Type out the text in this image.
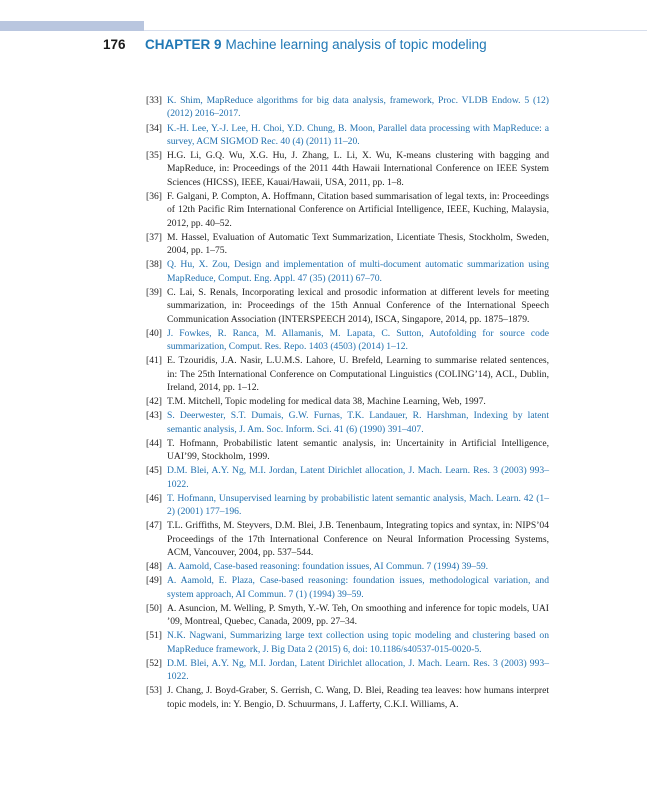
176 CHAPTER 9 Machine learning analysis of topic modeling
[33] K. Shim, MapReduce algorithms for big data analysis, framework, Proc. VLDB Endow. 5 (12) (2012) 2016–2017.
[34] K.-H. Lee, Y.-J. Lee, H. Choi, Y.D. Chung, B. Moon, Parallel data processing with MapReduce: a survey, ACM SIGMOD Rec. 40 (4) (2011) 11–20.
[35] H.G. Li, G.Q. Wu, X.G. Hu, J. Zhang, L. Li, X. Wu, K-means clustering with bagging and MapReduce, in: Proceedings of the 2011 44th Hawaii International Conference on IEEE System Sciences (HICSS), IEEE, Kauai/Hawaii, USA, 2011, pp. 1–8.
[36] F. Galgani, P. Compton, A. Hoffmann, Citation based summarisation of legal texts, in: Proceedings of 12th Pacific Rim International Conference on Artificial Intelligence, IEEE, Kuching, Malaysia, 2012, pp. 40–52.
[37] M. Hassel, Evaluation of Automatic Text Summarization, Licentiate Thesis, Stockholm, Sweden, 2004, pp. 1–75.
[38] Q. Hu, X. Zou, Design and implementation of multi-document automatic summarization using MapReduce, Comput. Eng. Appl. 47 (35) (2011) 67–70.
[39] C. Lai, S. Renals, Incorporating lexical and prosodic information at different levels for meeting summarization, in: Proceedings of the 15th Annual Conference of the International Speech Communication Association (INTERSPEECH 2014), ISCA, Singapore, 2014, pp. 1875–1879.
[40] J. Fowkes, R. Ranca, M. Allamanis, M. Lapata, C. Sutton, Autofolding for source code summarization, Comput. Res. Repo. 1403 (4503) (2014) 1–12.
[41] E. Tzouridis, J.A. Nasir, L.U.M.S. Lahore, U. Brefeld, Learning to summarise related sentences, in: The 25th International Conference on Computational Linguistics (COLING’14), ACL, Dublin, Ireland, 2014, pp. 1–12.
[42] T.M. Mitchell, Topic modeling for medical data 38, Machine Learning, Web, 1997.
[43] S. Deerwester, S.T. Dumais, G.W. Furnas, T.K. Landauer, R. Harshman, Indexing by latent semantic analysis, J. Am. Soc. Inform. Sci. 41 (6) (1990) 391–407.
[44] T. Hofmann, Probabilistic latent semantic analysis, in: Uncertainity in Artificial Intelligence, UAI’99, Stockholm, 1999.
[45] D.M. Blei, A.Y. Ng, M.I. Jordan, Latent Dirichlet allocation, J. Mach. Learn. Res. 3 (2003) 993–1022.
[46] T. Hofmann, Unsupervised learning by probabilistic latent semantic analysis, Mach. Learn. 42 (1–2) (2001) 177–196.
[47] T.L. Griffiths, M. Steyvers, D.M. Blei, J.B. Tenenbaum, Integrating topics and syntax, in: NIPS’04 Proceedings of the 17th International Conference on Neural Information Processing Systems, ACM, Vancouver, 2004, pp. 537–544.
[48] A. Aamold, Case-based reasoning: foundation issues, AI Commun. 7 (1994) 39–59.
[49] A. Aamold, E. Plaza, Case-based reasoning: foundation issues, methodological variation, and system approach, AI Commun. 7 (1) (1994) 39–59.
[50] A. Asuncion, M. Welling, P. Smyth, Y.-W. Teh, On smoothing and inference for topic models, UAI ’09, Montreal, Quebec, Canada, 2009, pp. 27–34.
[51] N.K. Nagwani, Summarizing large text collection using topic modeling and clustering based on MapReduce framework, J. Big Data 2 (2015) 6, doi: 10.1186/s40537-015-0020-5.
[52] D.M. Blei, A.Y. Ng, M.I. Jordan, Latent Dirichlet allocation, J. Mach. Learn. Res. 3 (2003) 993–1022.
[53] J. Chang, J. Boyd-Graber, S. Gerrish, C. Wang, D. Blei, Reading tea leaves: how humans interpret topic models, in: Y. Bengio, D. Schuurmans, J. Lafferty, C.K.I. Williams, A.
